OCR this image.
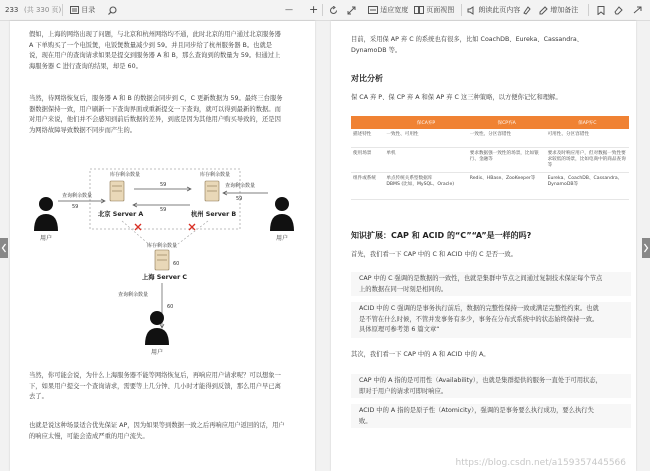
233 (共 330 页)	目录	— +	适应宽度	页面视图	朗读此页内容	增加备注
假如，上海的网络出现了问题，与北京和杭州网络均不通，此时北京的用户通过北京服务器
A 下单购买了一个电饭煲，电饭煲数量减少到 59。并且同步给了杭州服务器 B。也就是
说，现在用户的查询请求如果是提交到服务器 A 和 B，那么查询到的数量为 59。但通过上
海服务器 C 进行查询的结果，却是 60。
当然，待网络恢复后，服务器 A 和 B 的数据会同步到 C，C 更新数据为 59。最终三台服务
器数据保持一致，用户刷新一下查询界面或重新提交一下查询，就可以得到最新的数据。而
对用户来说，他们并不会感知到前后数据的差异，到底是因为其他用户购买导致的，还是因
为网络故障导致数据不同步而产生的。
查询剩余数量
59
查询剩余数量
59
库存剩余数量
59
库存剩余数量
59
库存剩余数量
60
查询剩余数量
60
北京 Server A	杭州 Server B
上海 Server C
用户	用户
用户
当然，你可能会说，为什么上海服务器不能等网络恢复后，再响应用户请求呢？可以想象一
下，如果用户提交一个查询请求，需要等上几分钟、几小时才能得到反馈，那么用户早已离
去了。
也就是说这种场景适合优先保证 AP，因为如果等到数据一致之后再响应用户返回的话，用户
的响应太慢，可能会造成严重的用户流失。
目前，采用保 AP 弃 C 的系统也有很多，比如 CoachDB、Eureka、Cassandra、
DynamoDB 等。
对比分析
保 CA 弃 P、保 CP 弃 A 和保 AP 弃 C 这三种策略，以方便你记忆和理解。
	保CA弃P	保CP弃A	保AP弃C
描述特性	一致性、可用性	一致性、分区容错性	可用性、分区容错性
使用场景	单机	要求数据强一致性的场景，比如银行、金融等	要求及时响应用户，但对数据一致性要求较低的场景，比如电商中的商品查询等
组件或系统	单点传统关系型数据库
DBMS (比如，MySQL、Oracle)	Redis、HBase、ZooKeeper等	Eureka、CoachDB、Cassandra、DynamoDB等
知识扩展：CAP 和 ACID 的“C”“A”是一样的吗?
首先，我们看一下 CAP 中的 C 和 ACID 中的 C 是否一致。
CAP 中的 C 强调的是数据的一致性，也就是集群中节点之间通过复制技术保证每个节点
上的数据在同一时刻是相同的。
ACID 中的 C 强调的是事务执行前后，数据的完整性保持一致或满足完整性约束。也就
是不管在什么时候，不管并发事务有多少，事务在分布式系统中的状态始终保持一致。
具体原理可参考第 6 篇文章“
其次，我们看一下 CAP 中的 A 和 ACID 中的 A。
CAP 中的 A 指的是可用性（Availability），也就是集群提供的服务一直处于可用状态，
即对于用户的请求可即时响应。
ACID 中的 A 指的是原子性（Atomicity），强调的是事务要么执行成功，要么执行失
败。
https://blog.csdn.net/a159357445566
